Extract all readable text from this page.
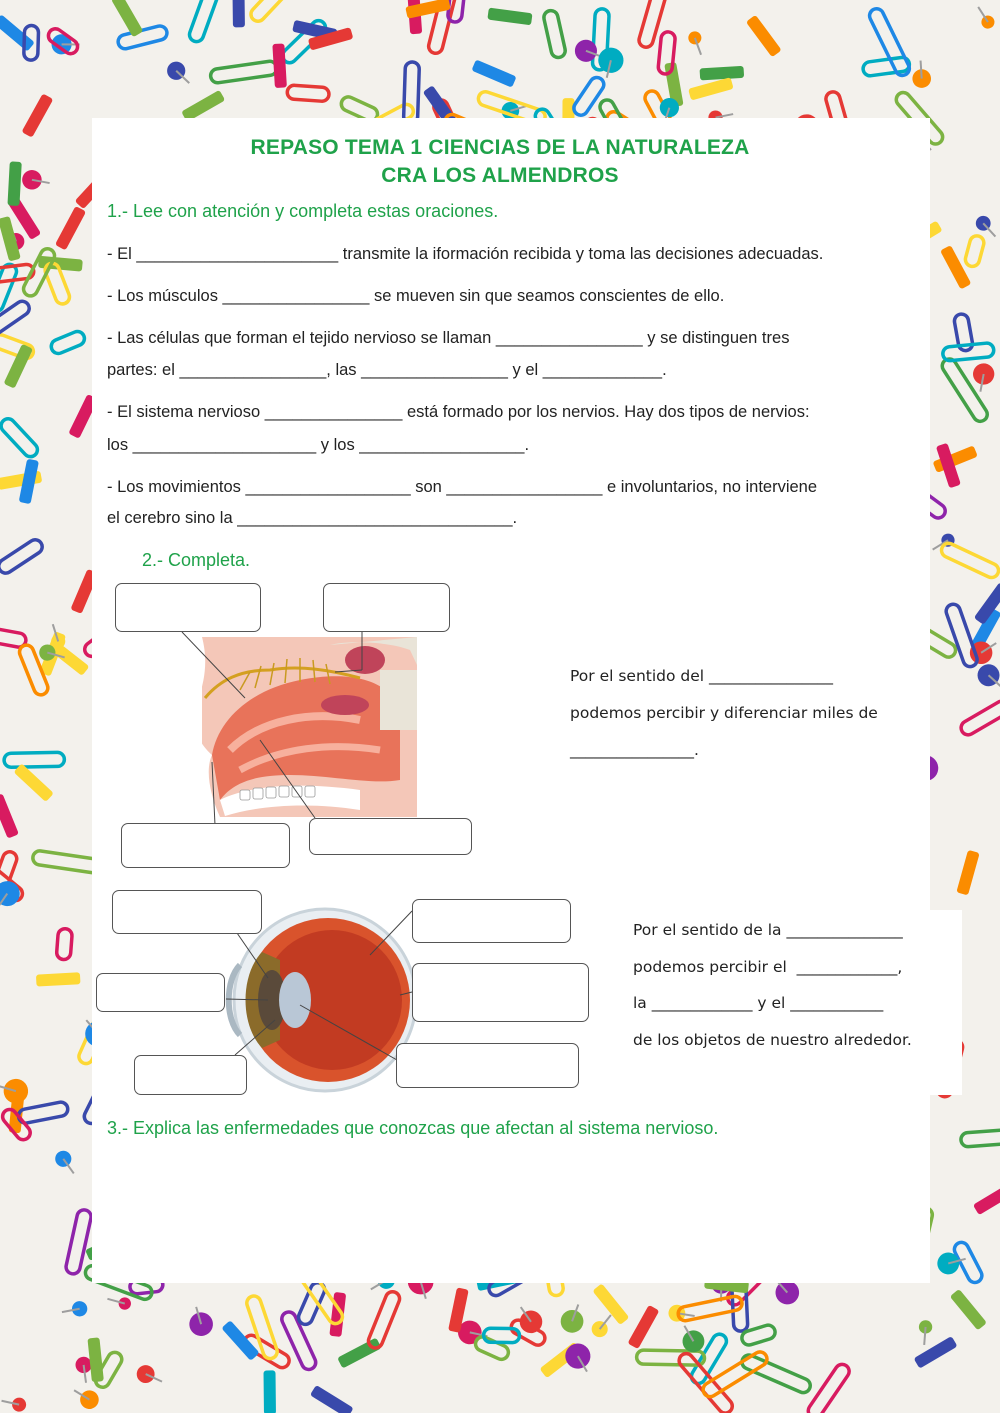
REPASO TEMA 1 CIENCIAS DE LA NATURALEZA
CRA LOS ALMENDROS
1.- Lee con atención y completa estas oraciones.
- El ______________________ transmite la iformación recibida y toma las decisiones adecuadas.
- Los músculos ________________ se mueven sin que seamos conscientes de ello.
- Las células que forman el tejido nervioso se llaman ________________ y se distinguen tres
partes: el ________________, las ________________ y el _____________.
- El sistema nervioso _______________ está formado por los nervios. Hay dos tipos de nervios:
los ____________________ y los __________________.
- Los movimientos __________________ son _________________ e involuntarios, no interviene
el cerebro sino la ______________________________.
2.- Completa.
Por el sentido del ________________
podemos percibir y diferenciar miles de
________________.
Por el sentido de la _______________
podemos percibir el  _____________,
la _____________ y el ____________
de los objetos de nuestro alrededor.
3.- Explica las enfermedades que conozcas que afectan al sistema nervioso.
